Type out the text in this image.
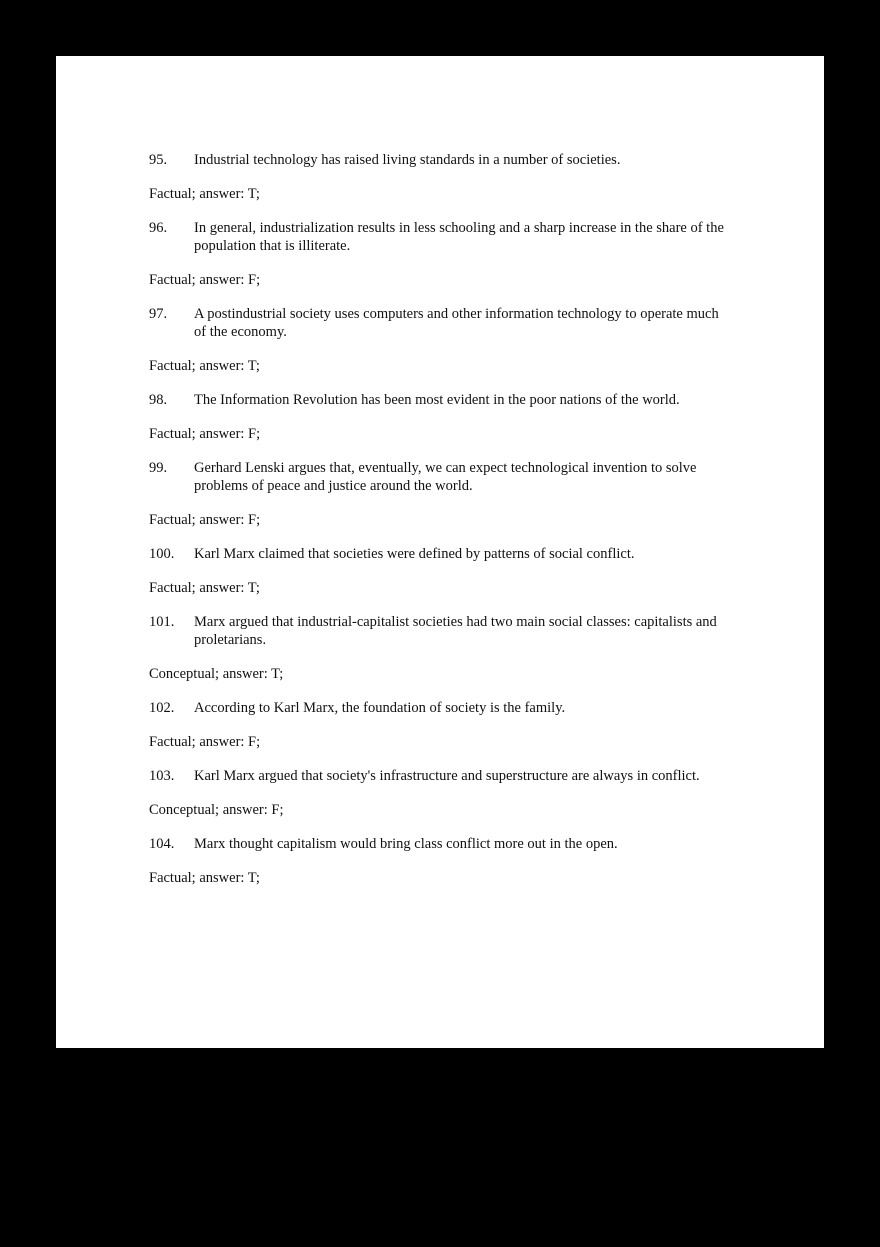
95.	Industrial technology has raised living standards in a number of societies.

Factual; answer: T;

96.	In general, industrialization results in less schooling and a sharp increase in the share of the population that is illiterate.

Factual; answer: F;

97.	A postindustrial society uses computers and other information technology to operate much of the economy.

Factual; answer: T;

98.	The Information Revolution has been most evident in the poor nations of the world.

Factual; answer: F;

99.	Gerhard Lenski argues that, eventually, we can expect technological invention to solve problems of peace and justice around the world.

Factual; answer: F;

100.	Karl Marx claimed that societies were defined by patterns of social conflict.

Factual; answer: T;

101.	Marx argued that industrial-capitalist societies had two main social classes: capitalists and proletarians.

Conceptual; answer: T;

102.	According to Karl Marx, the foundation of society is the family.

Factual; answer: F;

103.	Karl Marx argued that society's infrastructure and superstructure are always in conflict.

Conceptual; answer: F;

104.	Marx thought capitalism would bring class conflict more out in the open.

Factual; answer: T;
